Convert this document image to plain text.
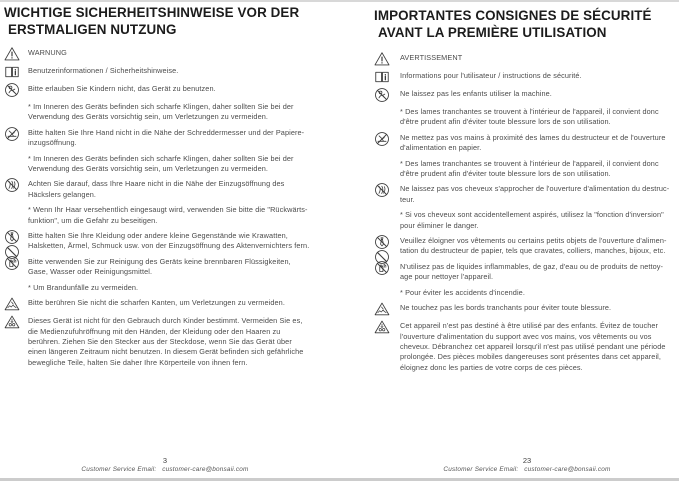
WICHTIGE SICHERHEITSHINWEISE VOR DER
ERSTMALIGEN NUTZUNG
WARNUNG
Benutzerinformationen / Sicherheitshinweise.
Bitte erlauben Sie Kindern nicht, das Gerät zu benutzen.
* Im Inneren des Geräts befinden sich scharfe Klingen, daher sollten Sie bei der
Verwendung des Geräts vorsichtig sein, um Verletzungen zu vermeiden.
Bitte halten Sie Ihre Hand nicht in die Nähe der Schreddermesser und der Papiere-
inzugsöffnung.
* Im Inneren des Geräts befinden sich scharfe Klingen, daher sollten Sie bei der
Verwendung des Geräts vorsichtig sein, um Verletzungen zu vermeiden.
Achten Sie darauf, dass Ihre Haare nicht in die Nähe der Einzugsöffnung des
Häckslers gelangen.
* Wenn Ihr Haar versehentlich eingesaugt wird, verwenden Sie bitte die "Rückwärts-
funktion", um die Gefahr zu beseitigen.
Bitte halten Sie Ihre Kleidung oder andere kleine Gegenstände wie Krawatten,
Halsketten, Ärmel, Schmuck usw. von der Einzugsöffnung des Aktenvernichters fern.
Bitte verwenden Sie zur Reinigung des Geräts keine brennbaren Flüssigkeiten,
Gase, Wasser oder Reinigungsmittel.
* Um Brandunfälle zu vermeiden.
Bitte berühren Sie nicht die scharfen Kanten, um Verletzungen zu vermeiden.
Dieses Gerät ist nicht für den Gebrauch durch Kinder bestimmt. Vermeiden Sie es,
die Medienzufuhröffnung mit den Händen, der Kleidung oder den Haaren zu
berühren. Ziehen Sie den Stecker aus der Steckdose, wenn Sie das Gerät über
einen längeren Zeitraum nicht benutzen. In diesem Gerät befinden sich gefährliche
bewegliche Teile, halten Sie daher Ihre Körperteile von ihnen fern.
IMPORTANTES CONSIGNES DE SÉCURITÉ
AVANT LA PREMIÈRE UTILISATION
AVERTISSEMENT
Informations pour l'utilisateur / instructions de sécurité.
Ne laissez pas les enfants utiliser la machine.
* Des lames tranchantes se trouvent à l'intérieur de l'appareil, il convient donc
d'être prudent afin d'éviter toute blessure lors de son utilisation.
Ne mettez pas vos mains à proximité des lames du destructeur et de l'ouverture
d'alimentation en papier.
* Des lames tranchantes se trouvent à l'intérieur de l'appareil, il convient donc
d'être prudent afin d'éviter toute blessure lors de son utilisation.
Ne laissez pas vos cheveux s'approcher de l'ouverture d'alimentation du destruc-
teur.
* Si vos cheveux sont accidentellement aspirés, utilisez la "fonction d'inversion"
pour éliminer le danger.
Veuillez éloigner vos vêtements ou certains petits objets de l'ouverture d'alimen-
tation du destructeur de papier, tels que cravates, colliers, manches, bijoux, etc.
N'utilisez pas de liquides inflammables, de gaz, d'eau ou de produits de nettoy-
age pour nettoyer l'appareil.
* Pour éviter les accidents d'incendie.
Ne touchez pas les bords tranchants pour éviter toute blessure.
Cet appareil n'est pas destiné à être utilisé par des enfants. Évitez de toucher
l'ouverture d'alimentation du support avec vos mains, vos vêtements ou vos
cheveux. Débranchez cet appareil lorsqu'il n'est pas utilisé pendant une période
prolongée. Des pièces mobiles dangereuses sont présentes dans cet appareil,
éloignez donc les parties de votre corps de ces pièces.
3
Customer Service Email:   customer-care@bonsaii.com
23
Customer Service Email:   customer-care@bonsaii.com
